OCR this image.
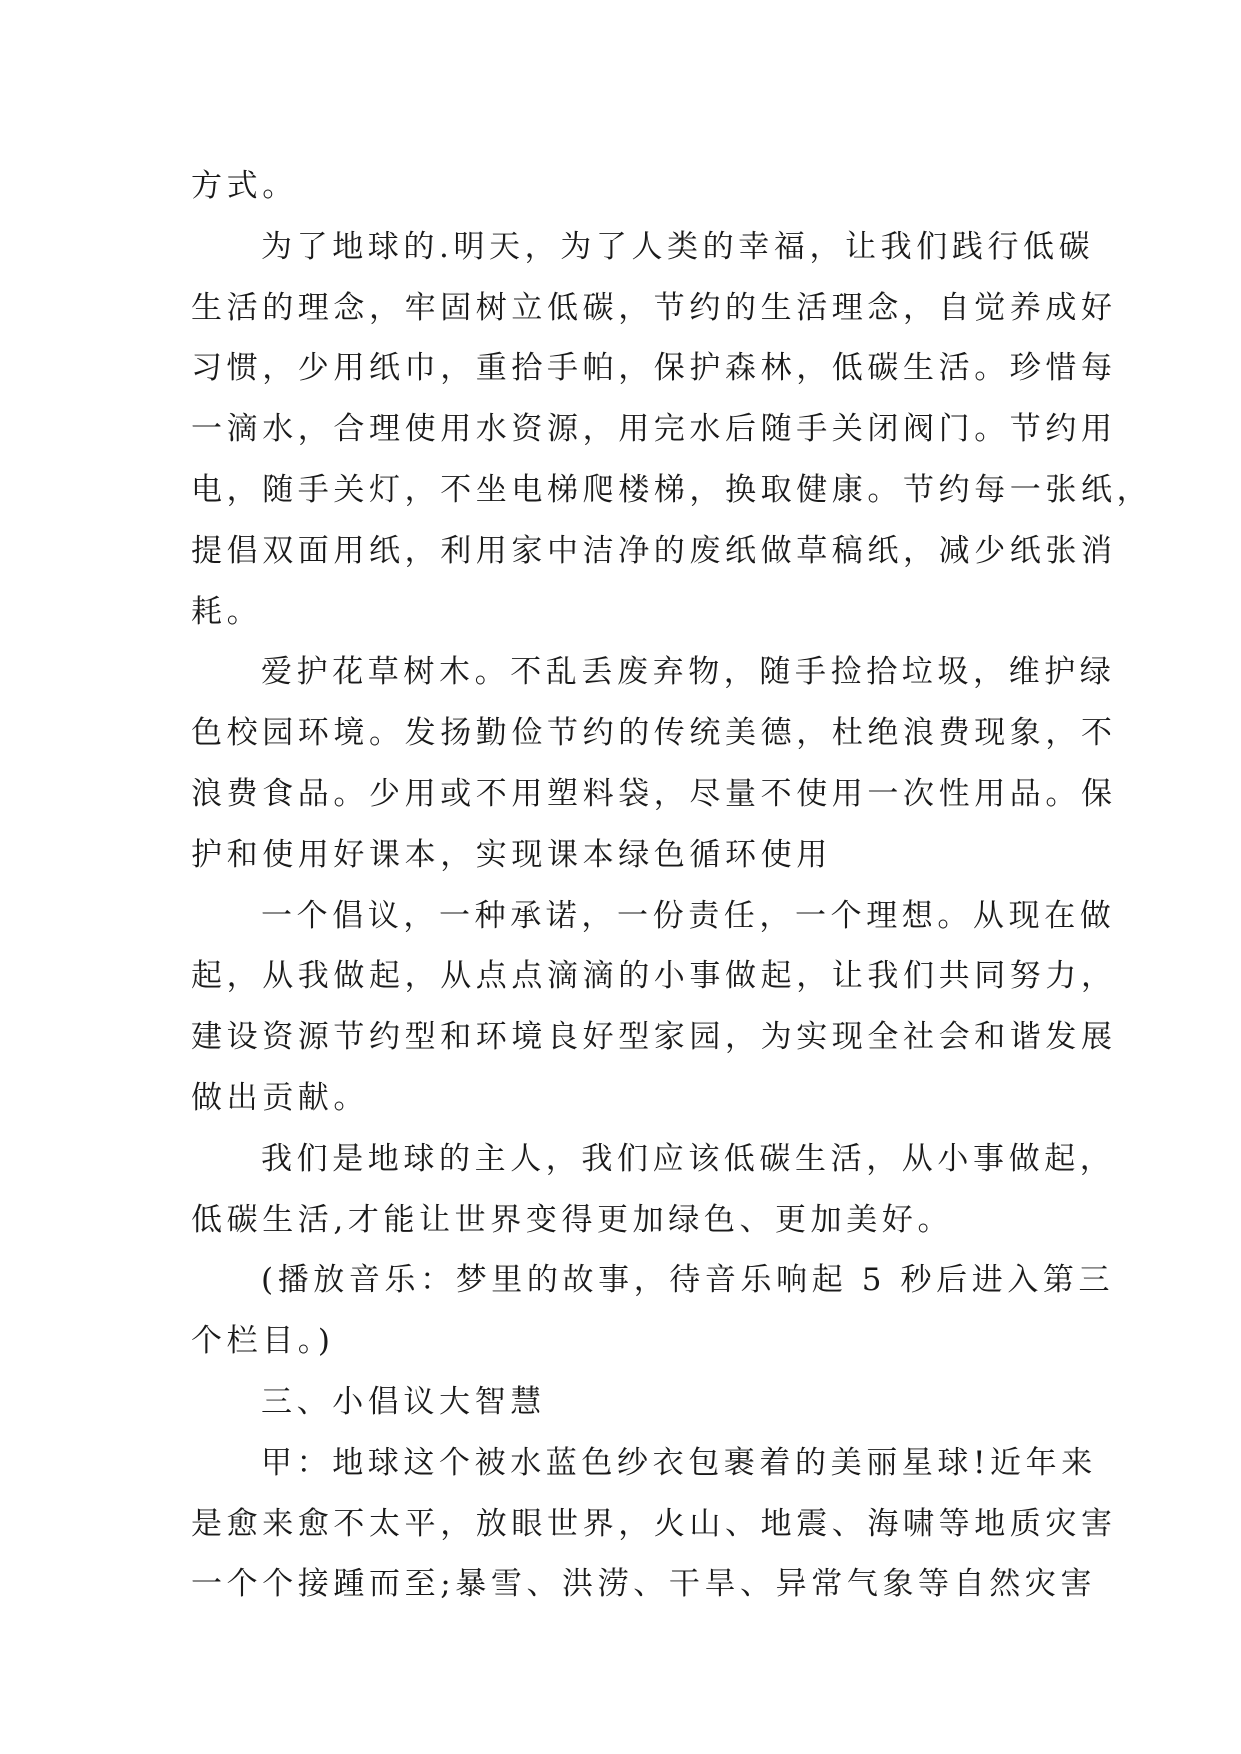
方式。
为了地球的.明天，为了人类的幸福，让我们践行低碳
生活的理念，牢固树立低碳，节约的生活理念，自觉养成好
习惯，少用纸巾，重拾手帕，保护森林，低碳生活。珍惜每
一滴水，合理使用水资源，用完水后随手关闭阀门。节约用
电，随手关灯，不坐电梯爬楼梯，换取健康。节约每一张纸，
提倡双面用纸，利用家中洁净的废纸做草稿纸，减少纸张消
耗。
爱护花草树木。不乱丢废弃物，随手捡拾垃圾，维护绿
色校园环境。发扬勤俭节约的传统美德，杜绝浪费现象，不
浪费食品。少用或不用塑料袋，尽量不使用一次性用品。保
护和使用好课本，实现课本绿色循环使用
一个倡议，一种承诺，一份责任，一个理想。从现在做
起，从我做起，从点点滴滴的小事做起，让我们共同努力，
建设资源节约型和环境良好型家园，为实现全社会和谐发展
做出贡献。
我们是地球的主人，我们应该低碳生活，从小事做起，
低碳生活,才能让世界变得更加绿色、更加美好。
(播放音乐：梦里的故事，待音乐响起 5 秒后进入第三
个栏目。)
三、小倡议大智慧
甲：地球这个被水蓝色纱衣包裹着的美丽星球!近年来
是愈来愈不太平，放眼世界，火山、地震、海啸等地质灾害
一个个接踵而至;暴雪、洪涝、干旱、异常气象等自然灾害
